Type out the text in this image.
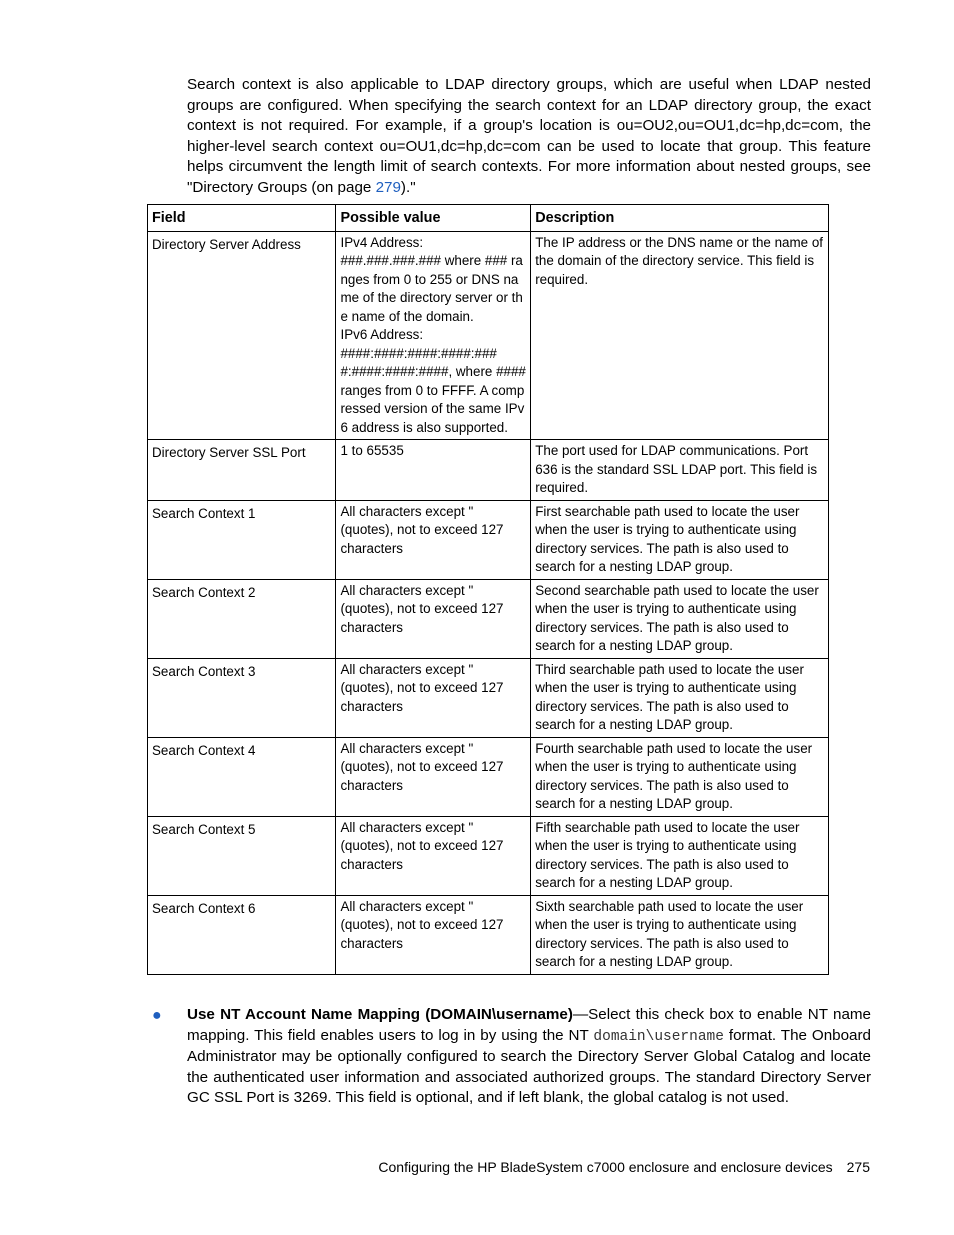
Search context is also applicable to LDAP directory groups, which are useful when LDAP nested groups are configured. When specifying the search context for an LDAP directory group, the exact context is not required. For example, if a group's location is ou=OU2,ou=OU1,dc=hp,dc=com, the higher-level search context ou=OU1,dc=hp,dc=com can be used to locate that group. This feature helps circumvent the length limit of search contexts. For more information about nested groups, see "Directory Groups (on page 279)."

Field	Possible value	Description
Directory Server Address	IPv4 Address:
###.###.###.### where ### ranges from 0 to 255 or DNS name of the directory server or the name of the domain.
IPv6 Address:
####:####:####:####:###
#:####:####:####, where #### ranges from 0 to FFFF. A compressed version of the same IPv6 address is also supported.	The IP address or the DNS name or the name of the domain of the directory service. This field is required.
Directory Server SSL Port	1 to 65535	The port used for LDAP communications. Port 636 is the standard SSL LDAP port. This field is required.
Search Context 1	All characters except " (quotes), not to exceed 127 characters	First searchable path used to locate the user when the user is trying to authenticate using directory services. The path is also used to search for a nesting LDAP group.
Search Context 2	All characters except " (quotes), not to exceed 127 characters	Second searchable path used to locate the user when the user is trying to authenticate using directory services. The path is also used to search for a nesting LDAP group.
Search Context 3	All characters except " (quotes), not to exceed 127 characters	Third searchable path used to locate the user when the user is trying to authenticate using directory services. The path is also used to search for a nesting LDAP group.
Search Context 4	All characters except " (quotes), not to exceed 127 characters	Fourth searchable path used to locate the user when the user is trying to authenticate using directory services. The path is also used to search for a nesting LDAP group.
Search Context 5	All characters except " (quotes), not to exceed 127 characters	Fifth searchable path used to locate the user when the user is trying to authenticate using directory services. The path is also used to search for a nesting LDAP group.
Search Context 6	All characters except " (quotes), not to exceed 127 characters	Sixth searchable path used to locate the user when the user is trying to authenticate using directory services. The path is also used to search for a nesting LDAP group.
● Use NT Account Name Mapping (DOMAIN\username)—Select this check box to enable NT name mapping. This field enables users to log in by using the NT domain\username format. The Onboard Administrator may be optionally configured to search the Directory Server Global Catalog and locate the authenticated user information and associated authorized groups. The standard Directory Server GC SSL Port is 3269. This field is optional, and if left blank, the global catalog is not used.

Configuring the HP BladeSystem c7000 enclosure and enclosure devices 275
